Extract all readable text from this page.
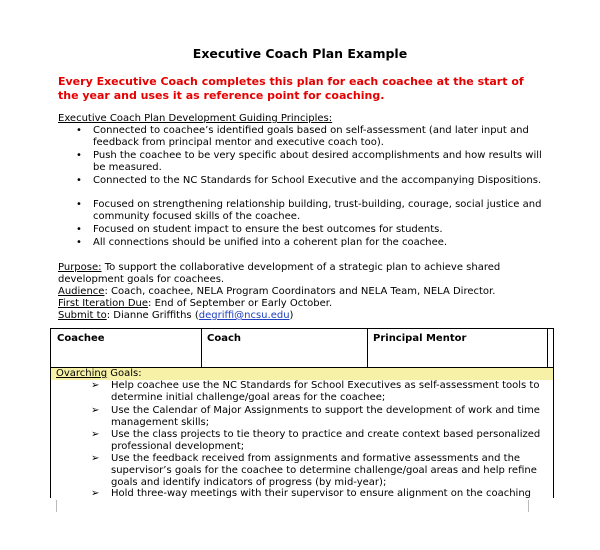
Executive Coach Plan Example
Every Executive Coach completes this plan for each coachee at the start of the year and uses it as reference point for coaching.
Executive Coach Plan Development Guiding Principles:
• Connected to coachee’s identified goals based on self-assessment (and later input and feedback from principal mentor and executive coach too).
• Push the coachee to be very specific about desired accomplishments and how results will be measured.
• Connected to the NC Standards for School Executive and the accompanying Dispositions.
• Focused on strengthening relationship building, trust-building, courage, social justice and community focused skills of the coachee.
• Focused on student impact to ensure the best outcomes for students.
• All connections should be unified into a coherent plan for the coachee.
Purpose: To support the collaborative development of a strategic plan to achieve shared development goals for coachees.
Audience: Coach, coachee, NELA Program Coordinators and NELA Team, NELA Director.
First Iteration Due: End of September or Early October.
Submit to: Dianne Griffiths (degriffi@ncsu.edu)
Coachee	Coach	Principal Mentor
Ovarching Goals:
➢ Help coachee use the NC Standards for School Executives as self-assessment tools to determine initial challenge/goal areas for the coachee;
➢ Use the Calendar of Major Assignments to support the development of work and time management skills;
➢ Use the class projects to tie theory to practice and create context based personalized professional development;
➢ Use the feedback received from assignments and formative assessments and the supervisor’s goals for the coachee to determine challenge/goal areas and help refine goals and identify indicators of progress (by mid-year);
➢ Hold three-way meetings with their supervisor to ensure alignment on the coaching
